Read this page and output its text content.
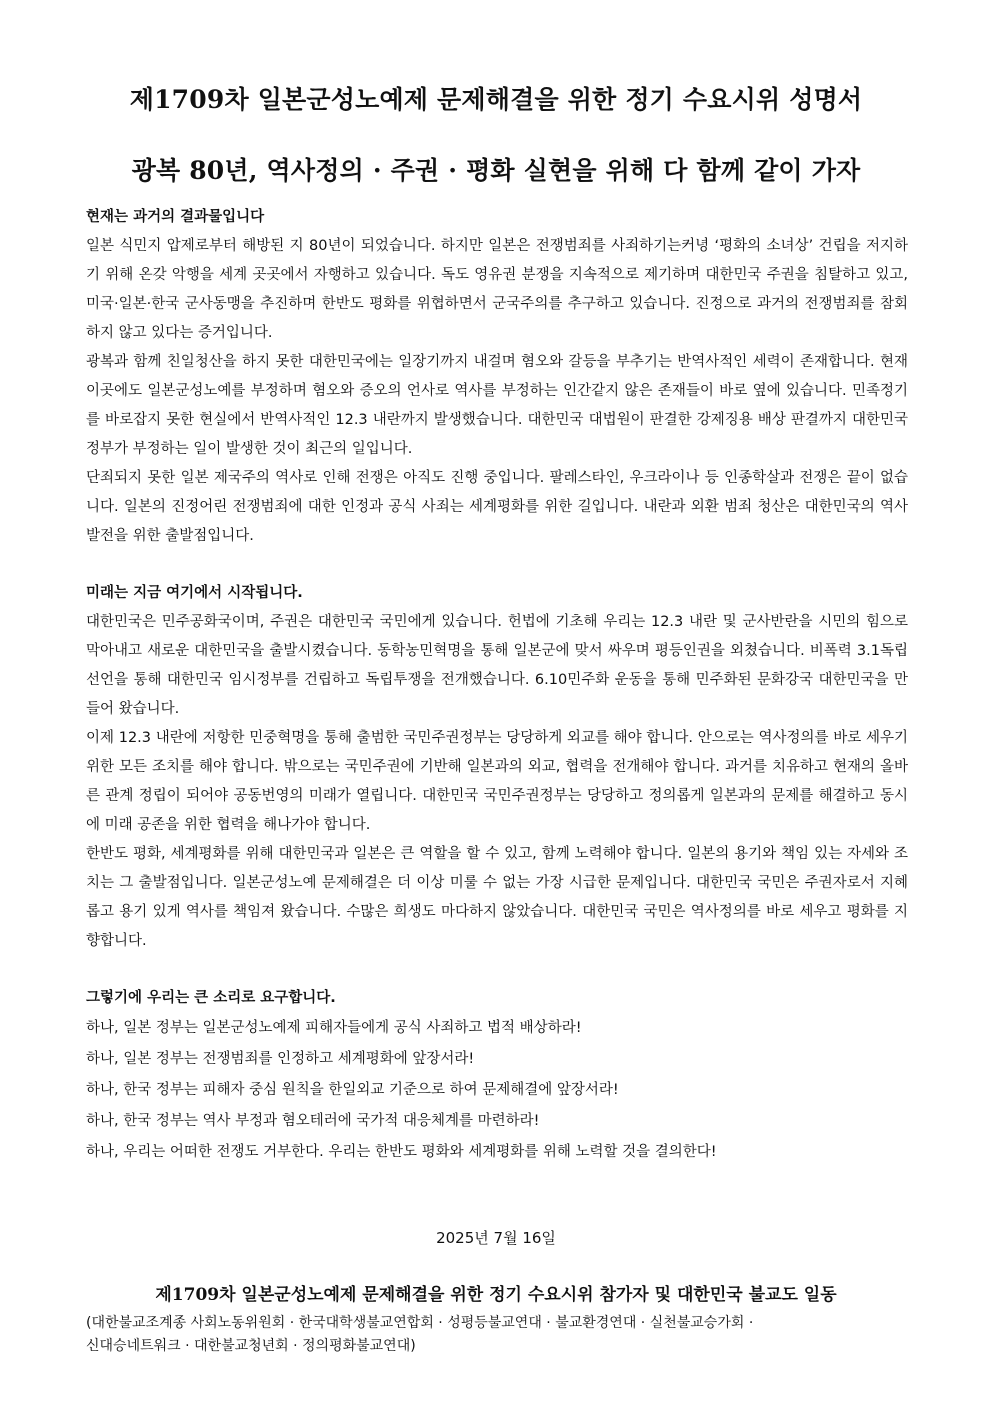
제1709차 일본군성노예제 문제해결을 위한 정기 수요시위 성명서
광복 80년, 역사정의 · 주권 · 평화 실현을 위해 다 함께 같이 가자
현재는 과거의 결과물입니다

일본 식민지 압제로부터 해방된 지 80년이 되었습니다. 하지만 일본은 전쟁범죄를 사죄하기는커녕 ‘평화의 소녀상’ 건립을 저지하기 위해 온갖 악행을 세계 곳곳에서 자행하고 있습니다. 독도 영유권 분쟁을 지속적으로 제기하며 대한민국 주권을 침탈하고 있고, 미국·일본·한국 군사동맹을 추진하며 한반도 평화를 위협하면서 군국주의를 추구하고 있습니다. 진정으로 과거의 전쟁범죄를 참회하지 않고 있다는 증거입니다.

광복과 함께 친일청산을 하지 못한 대한민국에는 일장기까지 내걸며 혐오와 갈등을 부추기는 반역사적인 세력이 존재합니다. 현재 이곳에도 일본군성노예를 부정하며 혐오와 증오의 언사로 역사를 부정하는 인간같지 않은 존재들이 바로 옆에 있습니다. 민족정기를 바로잡지 못한 현실에서 반역사적인 12.3 내란까지 발생했습니다. 대한민국 대법원이 판결한 강제징용 배상 판결까지 대한민국 정부가 부정하는 일이 발생한 것이 최근의 일입니다.

단죄되지 못한 일본 제국주의 역사로 인해 전쟁은 아직도 진행 중입니다. 팔레스타인, 우크라이나 등 인종학살과 전쟁은 끝이 없습니다. 일본의 진정어린 전쟁범죄에 대한 인정과 공식 사죄는 세계평화를 위한 길입니다. 내란과 외환 범죄 청산은 대한민국의 역사 발전을 위한 출발점입니다.

미래는 지금 여기에서 시작됩니다.

대한민국은 민주공화국이며, 주권은 대한민국 국민에게 있습니다. 헌법에 기초해 우리는 12.3 내란 및 군사반란을 시민의 힘으로 막아내고 새로운 대한민국을 출발시켰습니다. 동학농민혁명을 통해 일본군에 맞서 싸우며 평등인권을 외쳤습니다. 비폭력 3.1독립선언을 통해 대한민국 임시정부를 건립하고 독립투쟁을 전개했습니다. 6.10민주화 운동을 통해 민주화된 문화강국 대한민국을 만들어 왔습니다.

이제 12.3 내란에 저항한 민중혁명을 통해 출범한 국민주권정부는 당당하게 외교를 해야 합니다. 안으로는 역사정의를 바로 세우기 위한 모든 조치를 해야 합니다. 밖으로는 국민주권에 기반해 일본과의 외교, 협력을 전개해야 합니다. 과거를 치유하고 현재의 올바른 관계 정립이 되어야 공동번영의 미래가 열립니다. 대한민국 국민주권정부는 당당하고 정의롭게 일본과의 문제를 해결하고 동시에 미래 공존을 위한 협력을 해나가야 합니다.

한반도 평화, 세계평화를 위해 대한민국과 일본은 큰 역할을 할 수 있고, 함께 노력해야 합니다. 일본의 용기와 책임 있는 자세와 조치는 그 출발점입니다. 일본군성노예 문제해결은 더 이상 미룰 수 없는 가장 시급한 문제입니다. 대한민국 국민은 주권자로서 지혜롭고 용기 있게 역사를 책임져 왔습니다. 수많은 희생도 마다하지 않았습니다. 대한민국 국민은 역사정의를 바로 세우고 평화를 지향합니다.

그렇기에 우리는 큰 소리로 요구합니다.

하나, 일본 정부는 일본군성노예제 피해자들에게 공식 사죄하고 법적 배상하라!

하나, 일본 정부는 전쟁범죄를 인정하고 세계평화에 앞장서라!

하나, 한국 정부는 피해자 중심 원칙을 한일외교 기준으로 하여 문제해결에 앞장서라!

하나, 한국 정부는 역사 부정과 혐오테러에 국가적 대응체계를 마련하라!

하나, 우리는 어떠한 전쟁도 거부한다. 우리는 한반도 평화와 세계평화를 위해 노력할 것을 결의한다!

2025년 7월 16일
제1709차 일본군성노예제 문제해결을 위한 정기 수요시위 참가자 및 대한민국 불교도 일동
(대한불교조계종 사회노동위원회 · 한국대학생불교연합회 · 성평등불교연대 · 불교환경연대 · 실천불교승가회 ·
신대승네트워크 · 대한불교청년회 · 정의평화불교연대)
